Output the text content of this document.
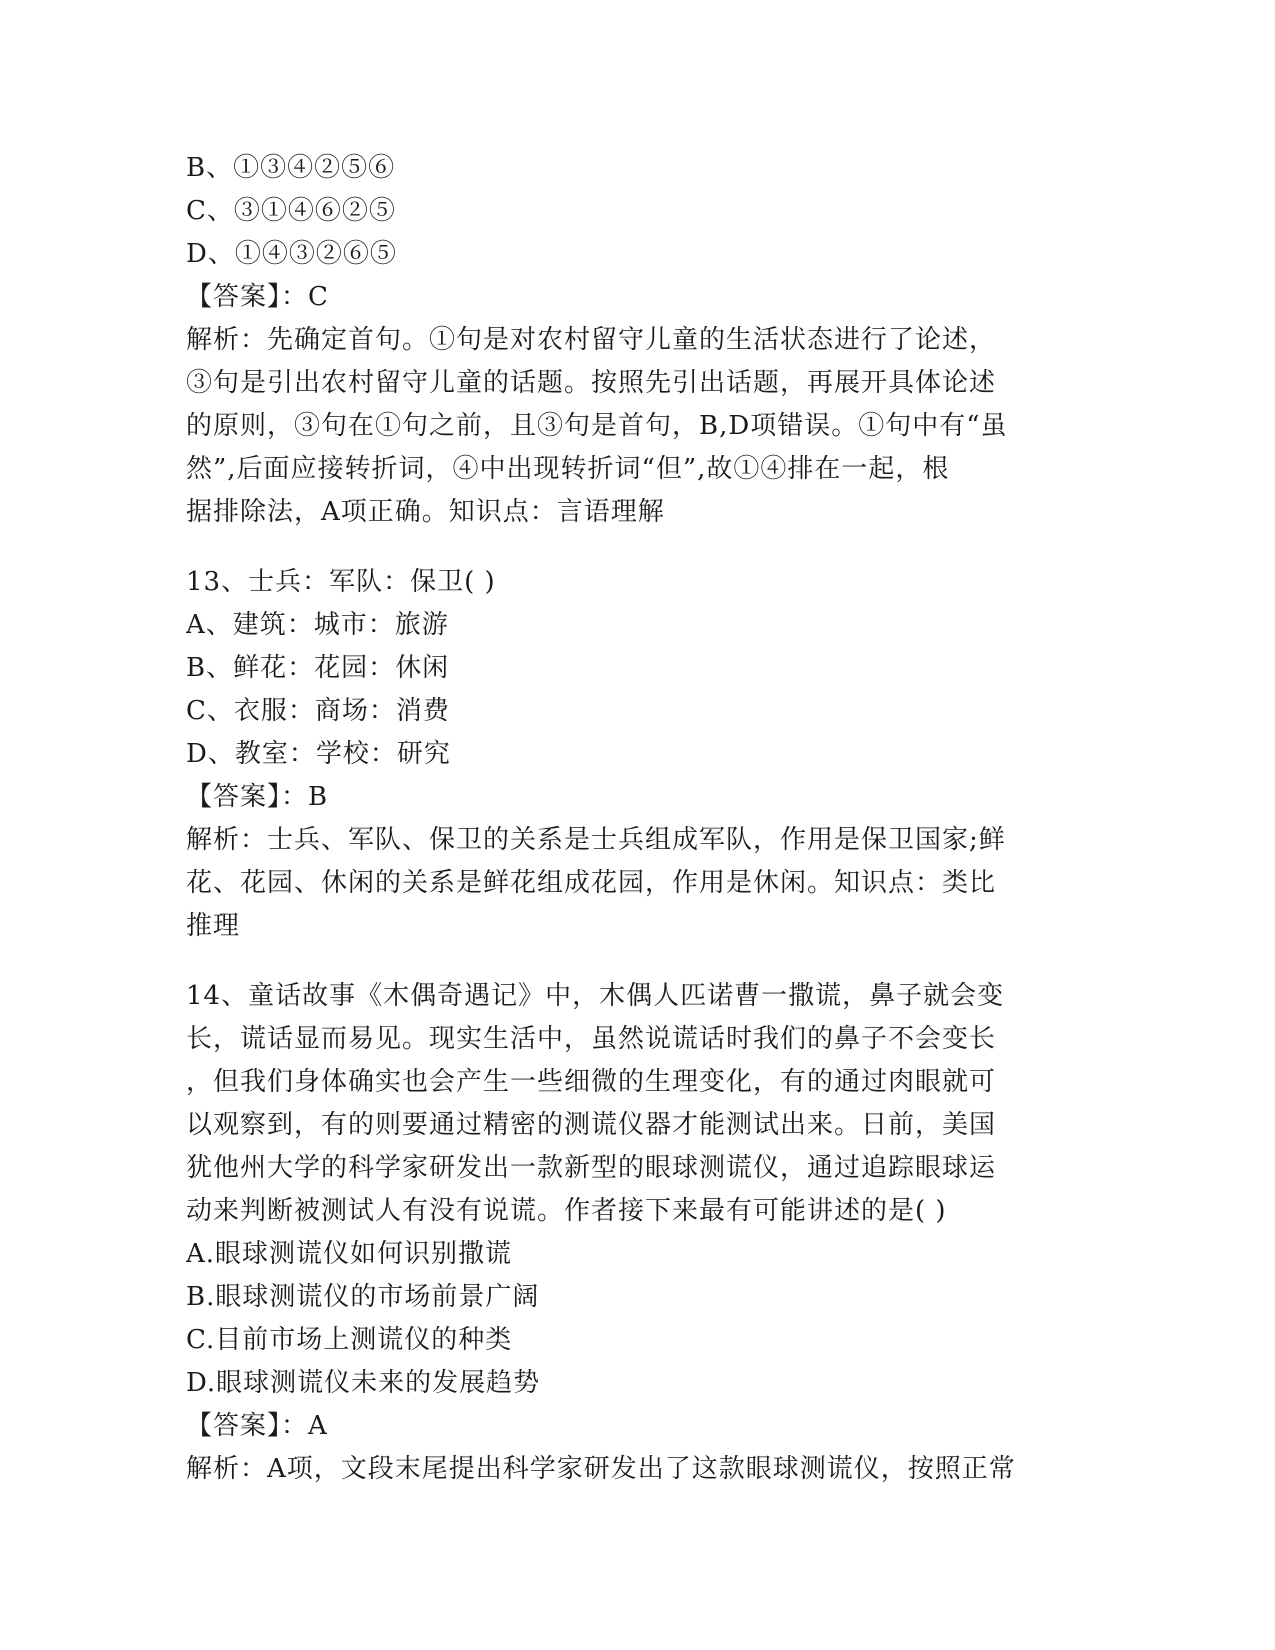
B、①③④②⑤⑥
C、③①④⑥②⑤
D、①④③②⑥⑤
【答案】：C
解析：先确定首句。①句是对农村留守儿童的生活状态进行了论述，
③句是引出农村留守儿童的话题。按照先引出话题，再展开具体论述
的原则，③句在①句之前，且③句是首句，B,D项错误。①句中有“虽
然”,后面应接转折词，④中出现转折词“但”,故①④排在一起，根
据排除法，A项正确。知识点：言语理解
13、士兵：军队：保卫( )
A、建筑：城市：旅游
B、鲜花：花园：休闲
C、衣服：商场：消费
D、教室：学校：研究
【答案】：B
解析：士兵、军队、保卫的关系是士兵组成军队，作用是保卫国家;鲜
花、花园、休闲的关系是鲜花组成花园，作用是休闲。知识点：类比
推理
14、童话故事《木偶奇遇记》中，木偶人匹诺曹一撒谎，鼻子就会变
长，谎话显而易见。现实生活中，虽然说谎话时我们的鼻子不会变长
，但我们身体确实也会产生一些细微的生理变化，有的通过肉眼就可
以观察到，有的则要通过精密的测谎仪器才能测试出来。日前，美国
犹他州大学的科学家研发出一款新型的眼球测谎仪，通过追踪眼球运
动来判断被测试人有没有说谎。作者接下来最有可能讲述的是( )
A.眼球测谎仪如何识别撒谎
B.眼球测谎仪的市场前景广阔
C.目前市场上测谎仪的种类
D.眼球测谎仪未来的发展趋势
【答案】：A
解析：A项，文段末尾提出科学家研发出了这款眼球测谎仪，按照正常
